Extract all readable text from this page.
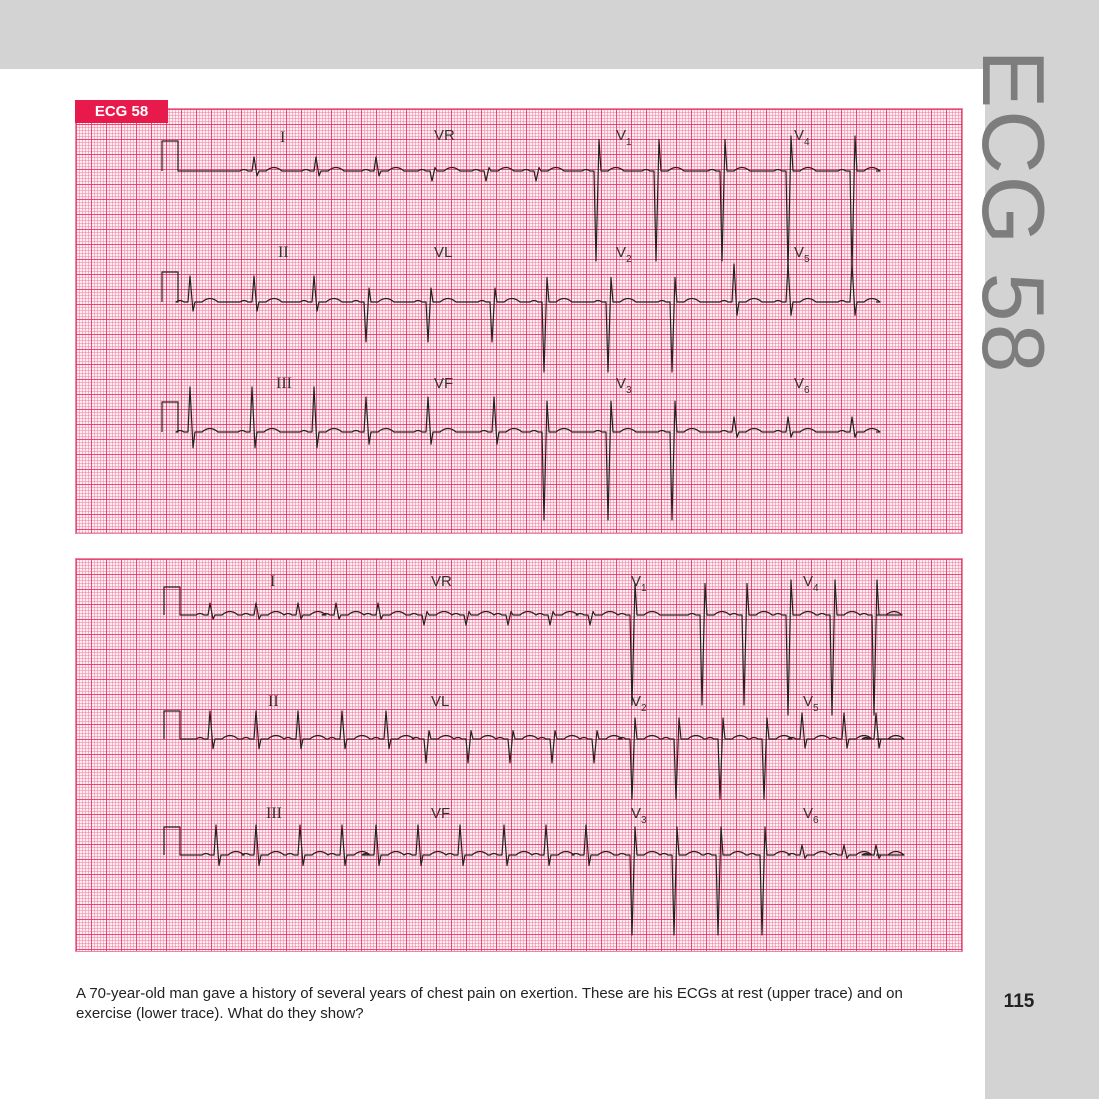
ECG 58
115
ECG 58
I	VR	$V_1$	$V_4$
II	VL	$V_2$	$V_5$
III	VF	$V_3$	$V_6$
I	VR	$V_1$	$V_4$
II	VL	$V_2$	$V_5$
III	VF	$V_3$	$V_6$
A 70-year-old man gave a history of several years of chest pain on exertion. These are his ECGs at rest (upper trace) and on exercise (lower trace). What do they show?
